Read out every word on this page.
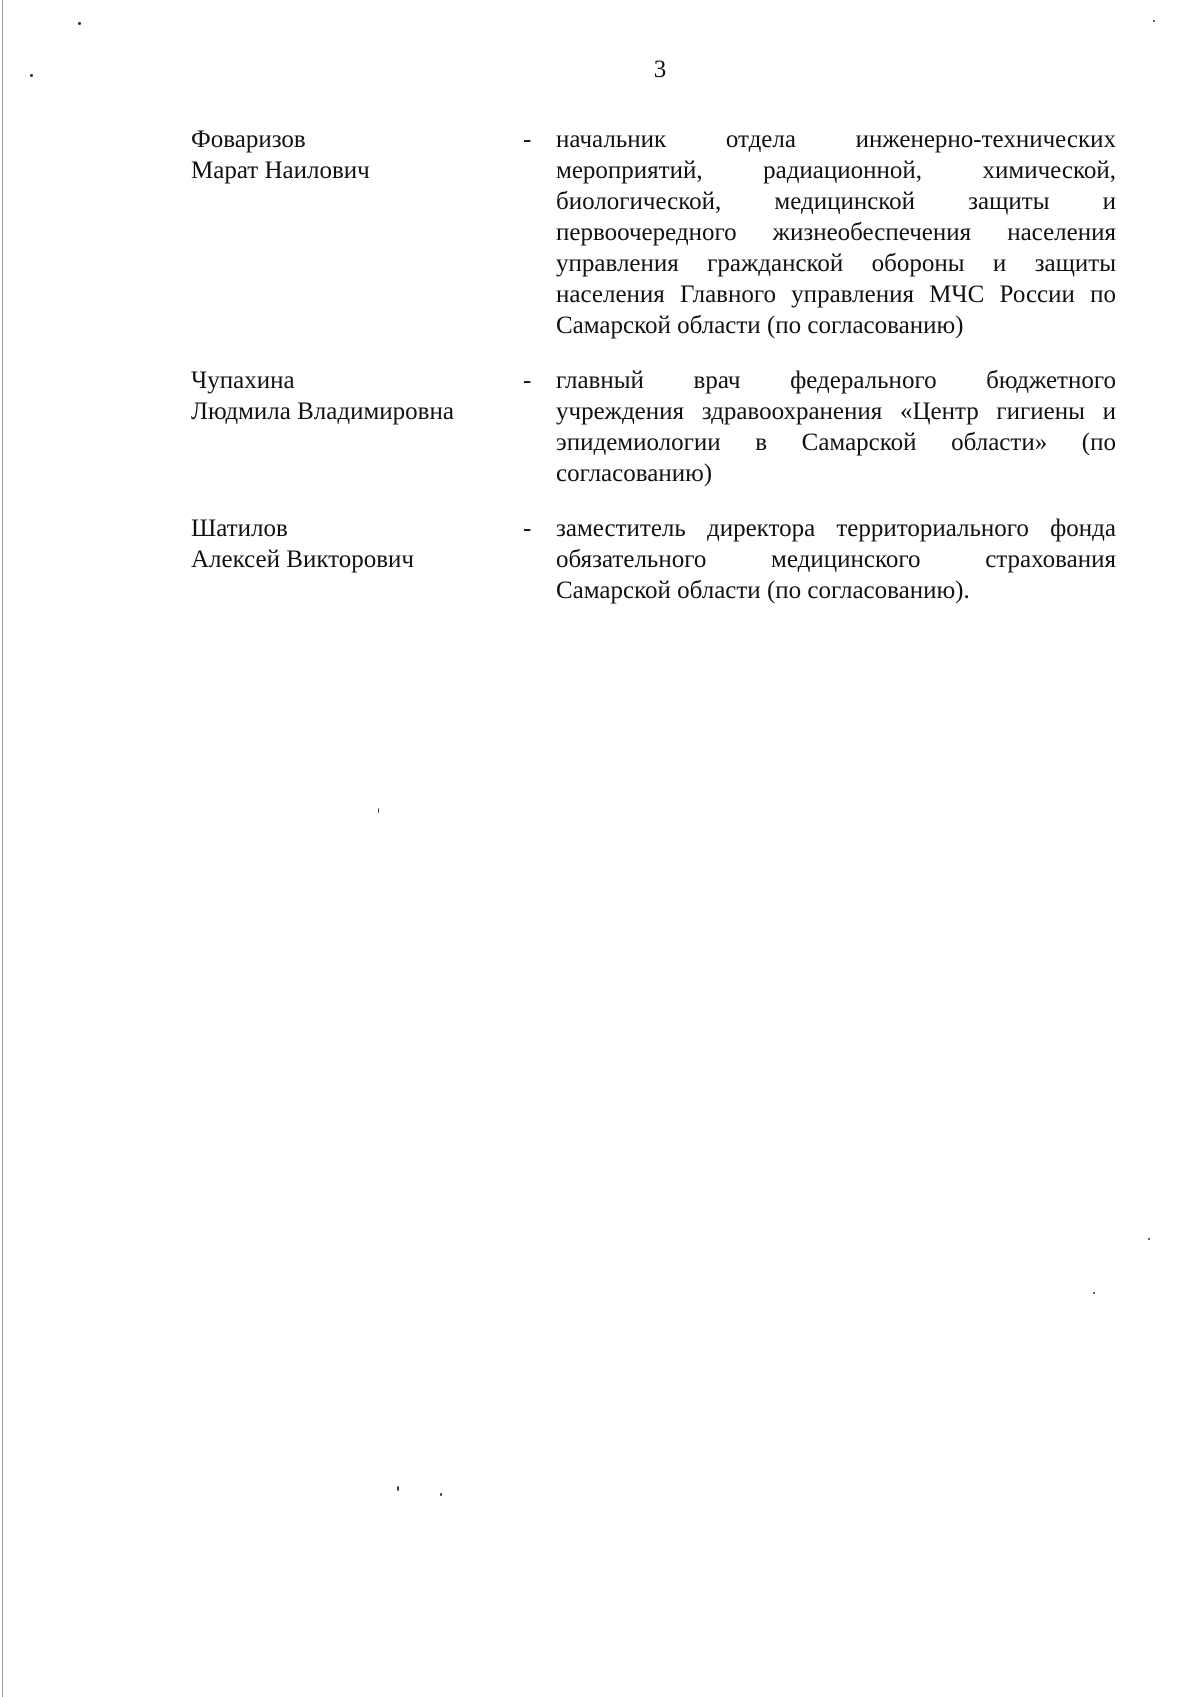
3
Фоваризов
Марат Наилович
- начальник отдела инженерно-технических мероприятий, радиационной, химической, биологической, медицинской защиты и первоочередного жизнеобеспечения населения управления гражданской обороны и защиты населения Главного управления МЧС России по Самарской области (по согласованию)
Чупахина
Людмила Владимировна
- главный врач федерального бюджетного учреждения здравоохранения «Центр гигиены и эпидемиологии в Самарской области» (по согласованию)
Шатилов
Алексей Викторович
- заместитель директора территориального фонда обязательного медицинского страхования Самарской области (по согласованию).
